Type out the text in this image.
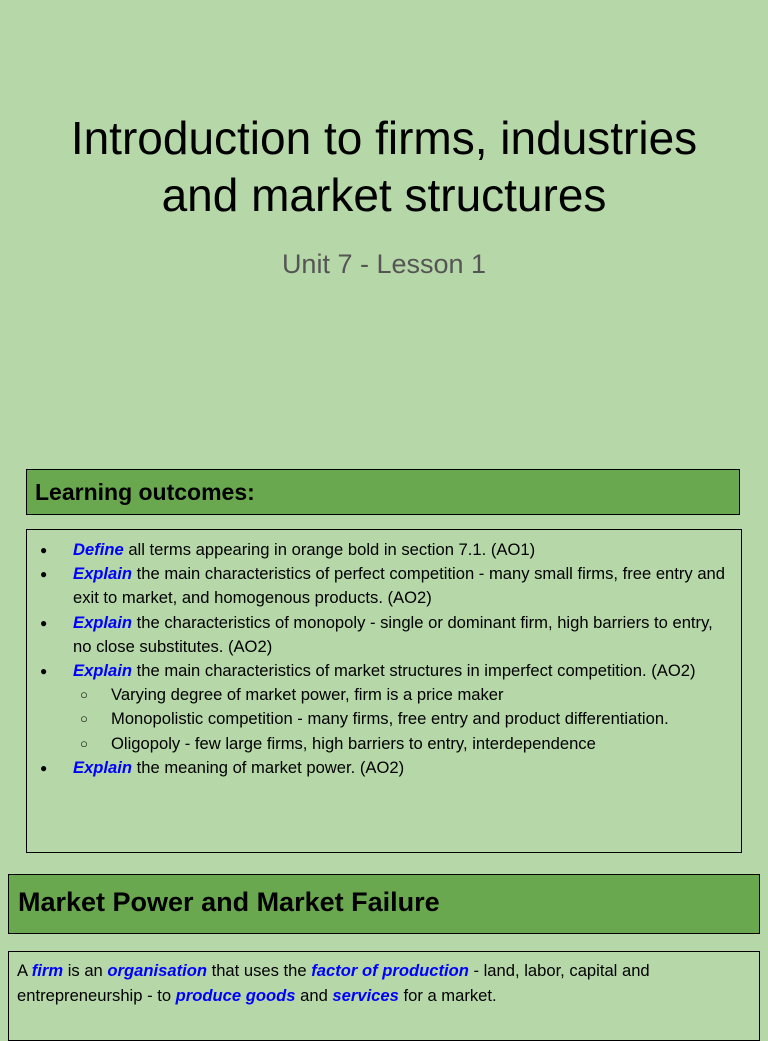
Introduction to firms, industries
and market structures
Unit 7 - Lesson 1
Learning outcomes:
● Define all terms appearing in orange bold in section 7.1. (AO1)
● Explain the main characteristics of perfect competition - many small firms, free entry and exit to market, and homogenous products. (AO2)
● Explain the characteristics of monopoly - single or dominant firm, high barriers to entry, no close substitutes. (AO2)
● Explain the main characteristics of market structures in imperfect competition. (AO2)
○ Varying degree of market power, firm is a price maker
○ Monopolistic competition - many firms, free entry and product differentiation.
○ Oligopoly - few large firms, high barriers to entry, interdependence
● Explain the meaning of market power. (AO2)
Market Power and Market Failure
A firm is an organisation that uses the factor of production - land, labor, capital and entrepreneurship - to produce goods and services for a market.
